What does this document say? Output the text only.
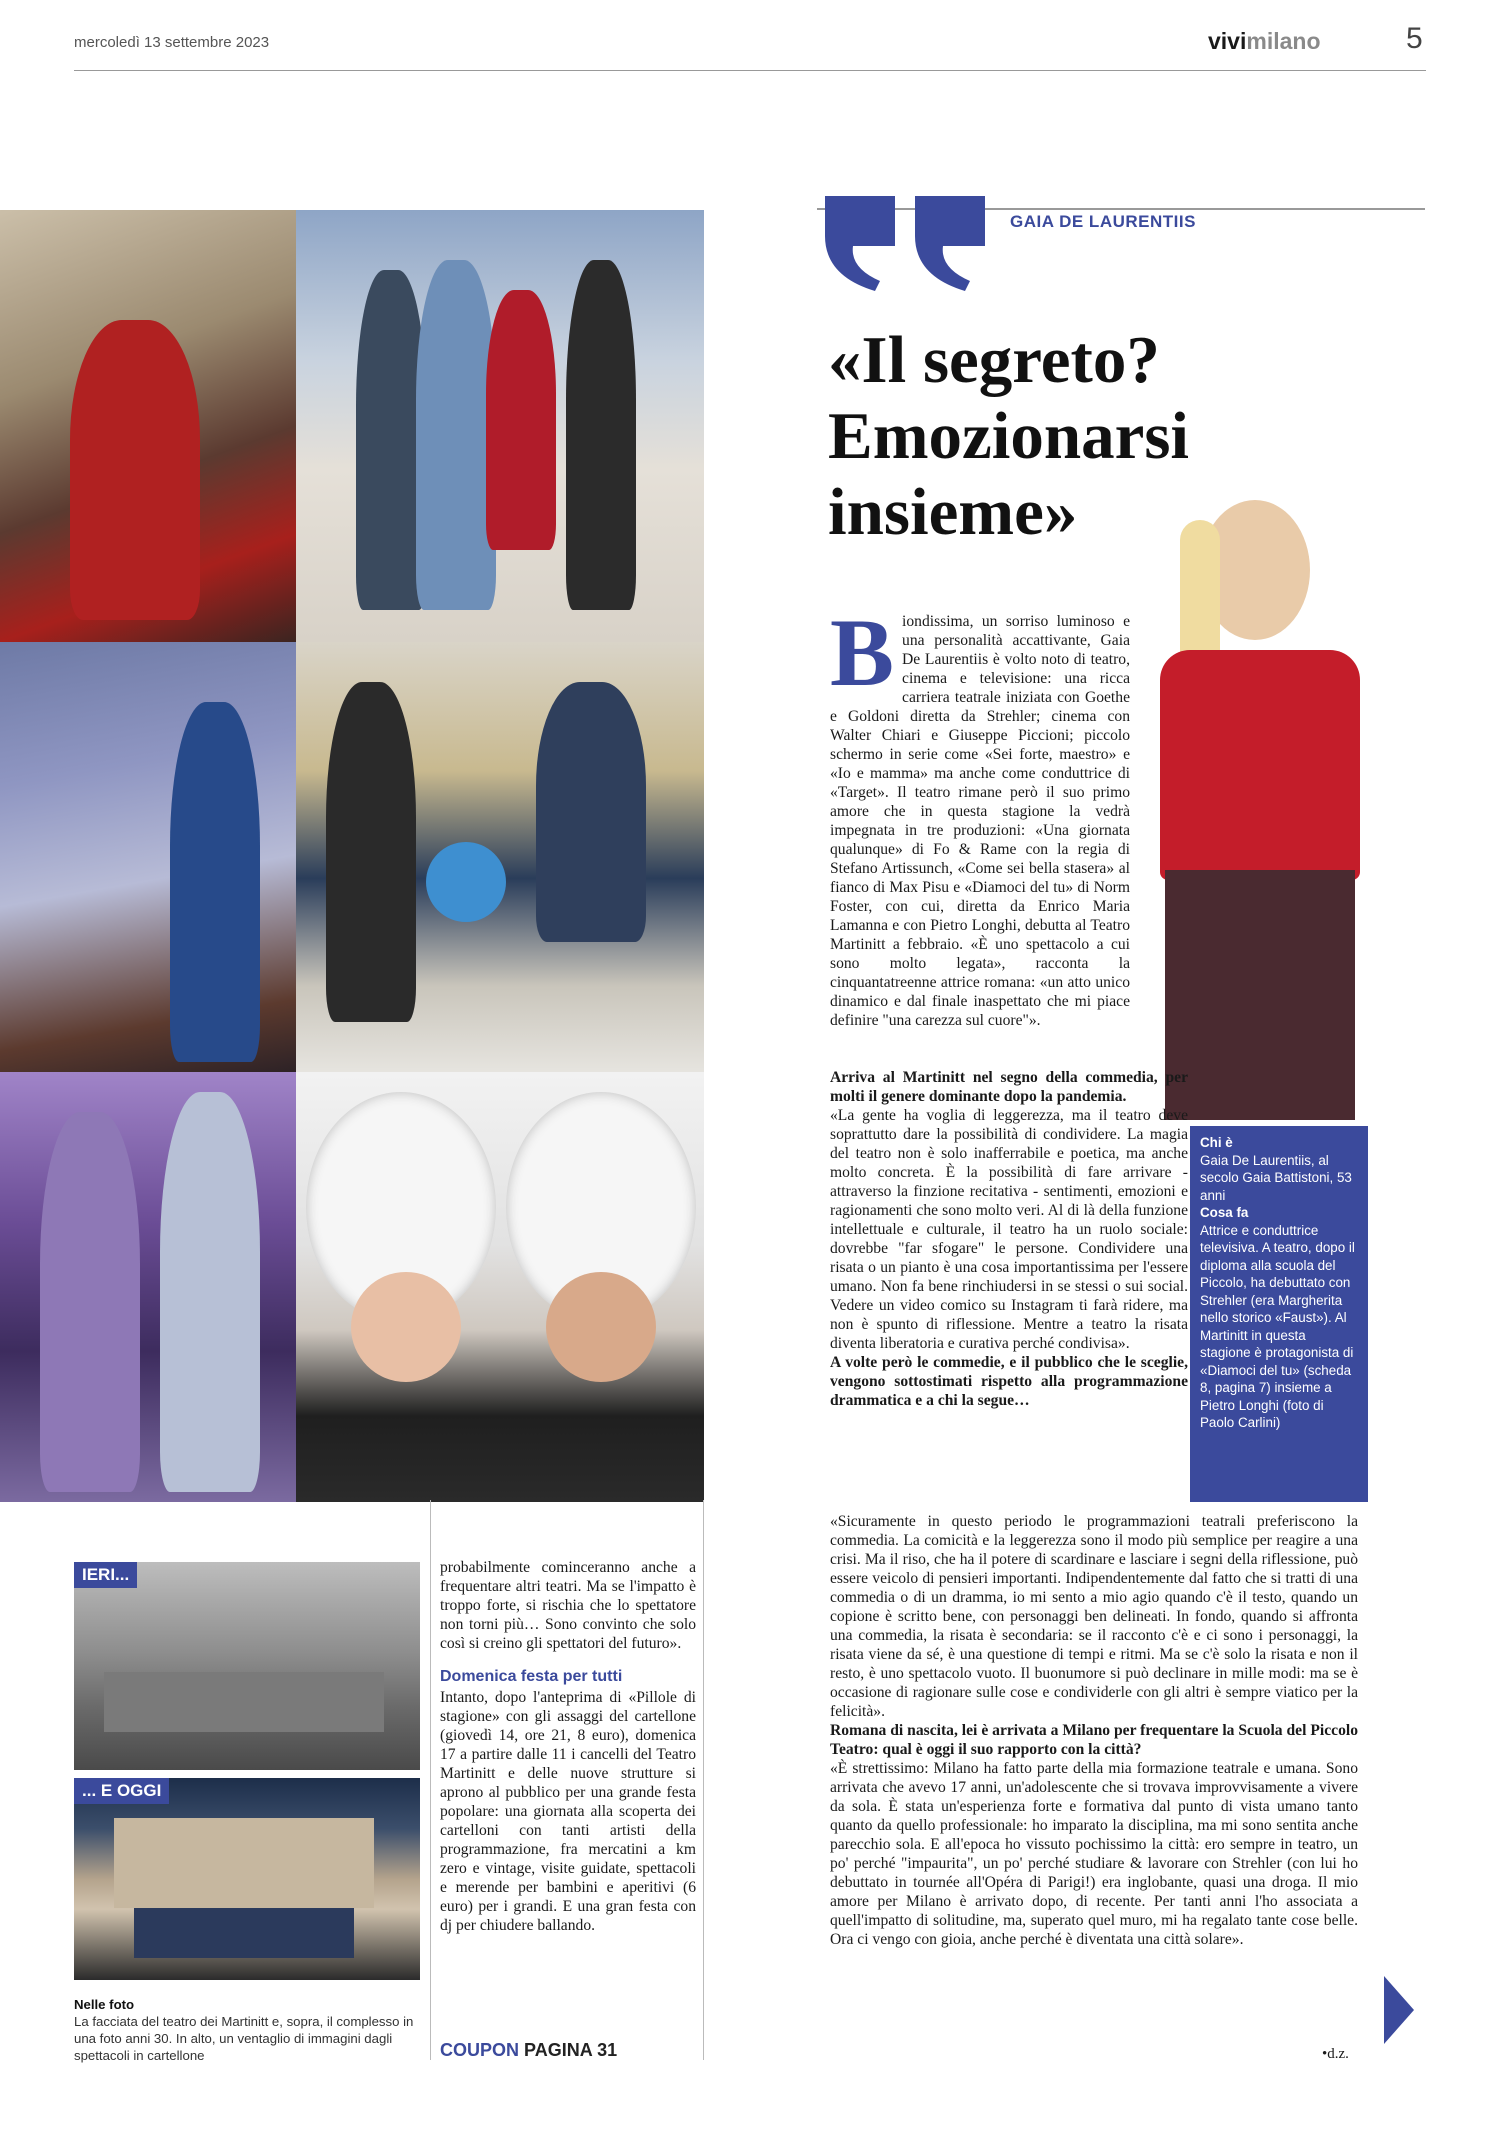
mercoledì 13 settembre 2023	vivimilano	5
GAIA DE LAURENTIIS
«Il segreto? Emozionarsi insieme»
Biondissima, un sorriso luminoso e una personalità accattivante, Gaia De Laurentiis è volto noto di teatro, cinema e televisione: una ricca carriera teatrale iniziata con Goethe e Goldoni diretta da Strehler; cinema con Walter Chiari e Giuseppe Piccioni; piccolo schermo in serie come «Sei forte, maestro» e «Io e mamma» ma anche come conduttrice di «Target». Il teatro rimane però il suo primo amore che in questa stagione la vedrà impegnata in tre produzioni: «Una giornata qualunque» di Fo & Rame con la regia di Stefano Artissunch, «Come sei bella stasera» al fianco di Max Pisu e «Diamoci del tu» di Norm Foster, con cui, diretta da Enrico Maria Lamanna e con Pietro Longhi, debutta al Teatro Martinitt a febbraio. «È uno spettacolo a cui sono molto legata», racconta la cinquantatreenne attrice romana: «un atto unico dinamico e dal finale inaspettato che mi piace definire "una carezza sul cuore"».

Arriva al Martinitt nel segno della commedia, per molti il genere dominante dopo la pandemia.

«La gente ha voglia di leggerezza, ma il teatro deve soprattutto dare la possibilità di condividere. La magia del teatro non è solo inafferrabile e poetica, ma anche molto concreta. È la possibilità di fare arrivare - attraverso la finzione recitativa - sentimenti, emozioni e ragionamenti che sono molto veri. Al di là della funzione intellettuale e culturale, il teatro ha un ruolo sociale: dovrebbe "far sfogare" le persone. Condividere una risata o un pianto è una cosa importantissima per l'essere umano. Non fa bene rinchiudersi in se stessi o sui social. Vedere un video comico su Instagram ti farà ridere, ma non è spunto di riflessione. Mentre a teatro la risata diventa liberatoria e curativa perché condivisa».

A volte però le commedie, e il pubblico che le sceglie, vengono sottostimati rispetto alla programmazione drammatica e a chi la segue…

Chi è
Gaia De Laurentiis, al secolo Gaia Battistoni, 53 anni
Cosa fa
Attrice e conduttrice televisiva. A teatro, dopo il diploma alla scuola del Piccolo, ha debuttato con Strehler (era Margherita nello storico «Faust»). Al Martinitt in questa stagione è protagonista di «Diamoci del tu» (scheda 8, pagina 7) insieme a Pietro Longhi (foto di Paolo Carlini)

«Sicuramente in questo periodo le programmazioni teatrali preferiscono la commedia. La comicità e la leggerezza sono il modo più semplice per reagire a una crisi. Ma il riso, che ha il potere di scardinare e lasciare i segni della riflessione, può essere veicolo di pensieri importanti. Indipendentemente dal fatto che si tratti di una commedia o di un dramma, io mi sento a mio agio quando c'è il testo, quando un copione è scritto bene, con personaggi ben delineati. In fondo, quando si affronta una commedia, la risata è secondaria: se il racconto c'è e ci sono i personaggi, la risata viene da sé, è una questione di tempi e ritmi. Ma se c'è solo la risata e non il resto, è uno spettacolo vuoto. Il buonumore si può declinare in mille modi: ma se è occasione di ragionare sulle cose e condividerle con gli altri è sempre viatico per la felicità».

Romana di nascita, lei è arrivata a Milano per frequentare la Scuola del Piccolo Teatro: qual è oggi il suo rapporto con la città?

«È strettissimo: Milano ha fatto parte della mia formazione teatrale e umana. Sono arrivata che avevo 17 anni, un'adolescente che si trovava improvvisamente a vivere da sola. È stata un'esperienza forte e formativa dal punto di vista umano tanto quanto da quello professionale: ho imparato la disciplina, ma mi sono sentita anche parecchio sola. E all'epoca ho vissuto pochissimo la città: ero sempre in teatro, un po' perché "impaurita", un po' perché studiare & lavorare con Strehler (con lui ho debuttato in tournée all'Opéra di Parigi!) era inglobante, quasi una droga. Il mio amore per Milano è arrivato dopo, di recente. Per tanti anni l'ho associata a quell'impatto di solitudine, ma, superato quel muro, mi ha regalato tante cose belle. Ora ci vengo con gioia, anche perché è diventata una città solare».

•d.z.
IERI...
... E OGGI
Nelle foto
La facciata del teatro dei Martinitt e, sopra, il complesso in una foto anni 30. In alto, un ventaglio di immagini dagli spettacoli in cartellone

probabilmente cominceranno anche a frequentare altri teatri. Ma se l'impatto è troppo forte, si rischia che lo spettatore non torni più… Sono convinto che solo così si creino gli spettatori del futuro».

Domenica festa per tutti

Intanto, dopo l'anteprima di «Pillole di stagione» con gli assaggi del cartellone (giovedì 14, ore 21, 8 euro), domenica 17 a partire dalle 11 i cancelli del Teatro Martinitt e delle nuove strutture si aprono al pubblico per una grande festa popolare: una giornata alla scoperta dei cartelloni con tanti artisti della programmazione, fra mercatini a km zero e vintage, visite guidate, spettacoli e merende per bambini e aperitivi (6 euro) per i grandi. E una gran festa con dj per chiudere ballando.

COUPON PAGINA 31
